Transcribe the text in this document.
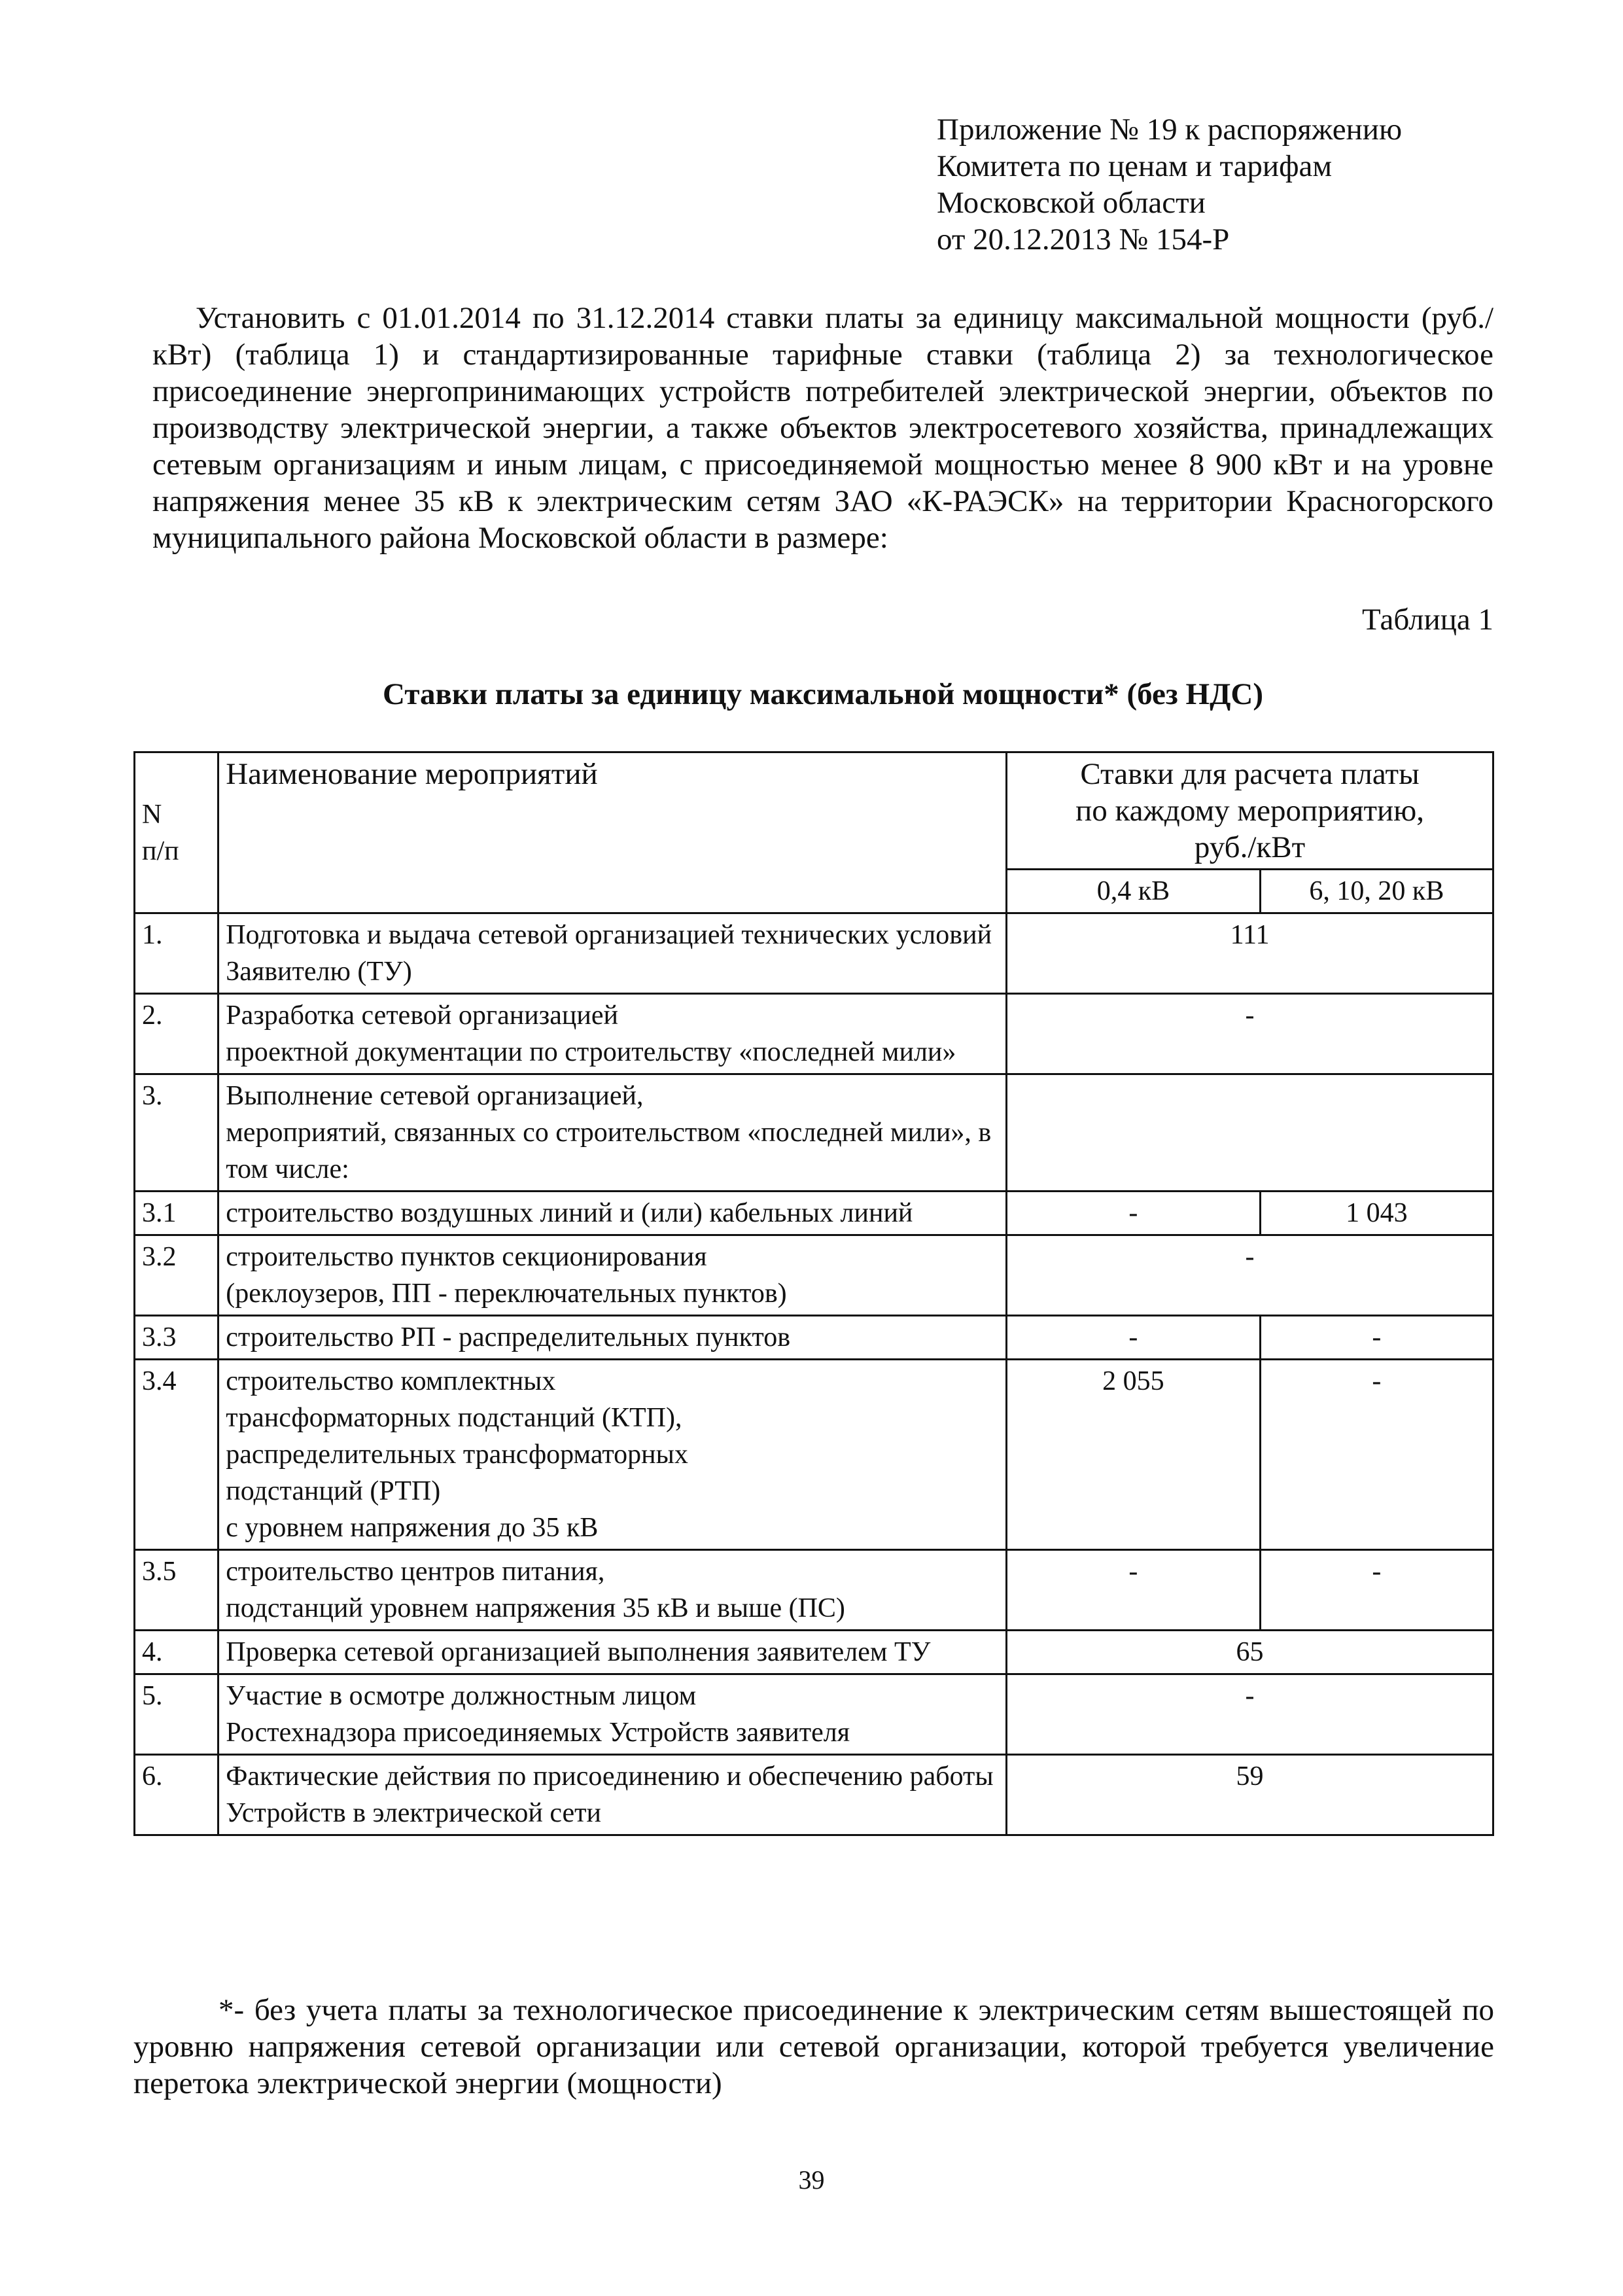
Приложение № 19 к распоряжению
Комитета по ценам и тарифам
Московской области
от 20.12.2013 № 154-Р
Установить с 01.01.2014 по 31.12.2014 ставки платы за единицу максимальной мощности (руб./кВт) (таблица 1) и стандартизированные тарифные ставки (таблица 2) за технологическое присоединение энергопринимающих устройств потребителей электрической энергии, объектов по производству электрической энергии, а также объектов электросетевого хозяйства, принадлежащих сетевым организациям и иным лицам, с присоединяемой мощностью менее 8 900 кВт и на уровне напряжения менее 35 кВ к электрическим сетям ЗАО «К-РАЭСК» на территории Красногорского муниципального района Московской области в размере:
Таблица 1
Ставки платы за единицу максимальной мощности* (без НДС)
N
п/п	Наименование мероприятий	Ставки для расчета платы
по каждому мероприятию,
руб./кВт	
		0,4 кВ	6, 10, 20 кВ
1.	Подготовка и выдача сетевой организацией технических условий Заявителю (ТУ)	111	
2.	Разработка сетевой организацией
проектной документации по строительству «последней мили»	-	
3.	Выполнение сетевой организацией,
мероприятий, связанных со строительством «последней мили», в том числе:		
3.1	строительство воздушных линий и (или) кабельных линий	-	1 043
3.2	строительство пунктов секционирования
(реклоузеров, ПП - переключательных пунктов)	-	
3.3	строительство РП - распределительных пунктов	-	-
3.4	строительство комплектных
трансформаторных подстанций (КТП),
распределительных трансформаторных
подстанций (РТП)
с уровнем напряжения до 35 кВ	2 055	-
3.5	строительство центров питания,
подстанций уровнем напряжения 35 кВ и выше (ПС)	-	-
4.	Проверка сетевой организацией выполнения заявителем ТУ	65	
5.	Участие в осмотре должностным лицом
Ростехнадзора присоединяемых Устройств заявителя	-	
6.	Фактические действия по присоединению и обеспечению работы Устройств в электрической сети	59	
*- без учета платы за технологическое присоединение к электрическим сетям вышестоящей по уровню напряжения сетевой организации или сетевой организации, которой требуется увеличение перетока электрической энергии (мощности)
39
